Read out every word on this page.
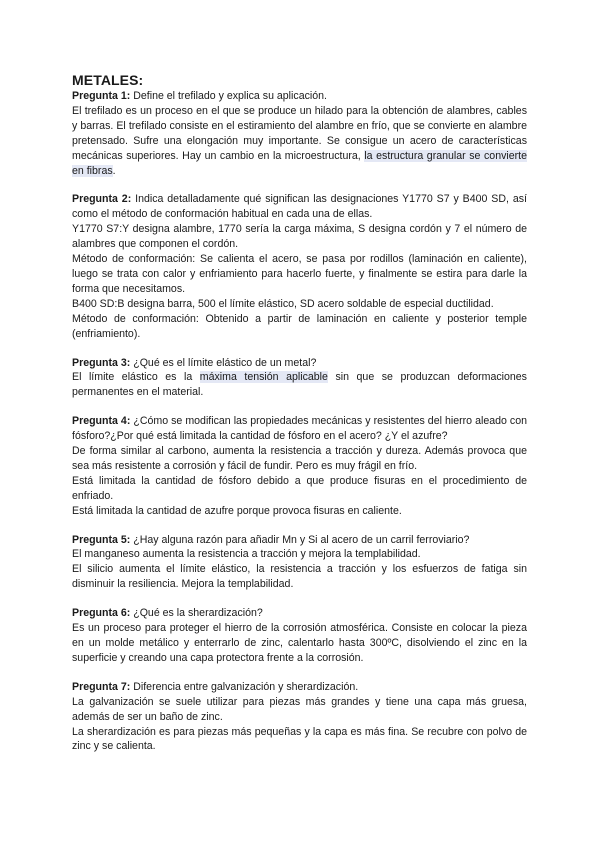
METALES:

Pregunta 1: Define el trefilado y explica su aplicación.

El trefilado es un proceso en el que se produce un hilado para la obtención de alambres, cables y barras. El trefilado consiste en el estiramiento del alambre en frío, que se convierte en alambre pretensado. Sufre una elongación muy importante. Se consigue un acero de características mecánicas superiores. Hay un cambio en la microestructura, la estructura granular se convierte en fibras.

Pregunta 2: Indica detalladamente qué significan las designaciones Y1770 S7 y B400 SD, así como el método de conformación habitual en cada una de ellas.

Y1770 S7:Y designa alambre, 1770 sería la carga máxima, S designa cordón y 7 el número de alambres que componen el cordón.

Método de conformación: Se calienta el acero, se pasa por rodillos (laminación en caliente), luego se trata con calor y enfriamiento para hacerlo fuerte, y finalmente se estira para darle la forma que necesitamos.

B400 SD:B designa barra, 500 el límite elástico, SD acero soldable de especial ductilidad.

Método de conformación: Obtenido a partir de laminación en caliente y posterior temple (enfriamiento).

Pregunta 3: ¿Qué es el límite elástico de un metal?

El límite elástico es la máxima tensión aplicable sin que se produzcan deformaciones permanentes en el material.

Pregunta 4: ¿Cómo se modifican las propiedades mecánicas y resistentes del hierro aleado con fósforo?¿Por qué está limitada la cantidad de fósforo en el acero? ¿Y el azufre?

De forma similar al carbono, aumenta la resistencia a tracción y dureza. Además provoca que sea más resistente a corrosión y fácil de fundir. Pero es muy frágil en frío.

Está limitada la cantidad de fósforo debido a que produce fisuras en el procedimiento de enfriado.

Está limitada la cantidad de azufre porque provoca fisuras en caliente.

Pregunta 5: ¿Hay alguna razón para añadir Mn y Si al acero de un carril ferroviario?

El manganeso aumenta la resistencia a tracción y mejora la templabilidad.

El silicio aumenta el límite elástico, la resistencia a tracción y los esfuerzos de fatiga sin disminuir la resiliencia. Mejora la templabilidad.

Pregunta 6: ¿Qué es la sherardización?

Es un proceso para proteger el hierro de la corrosión atmosférica. Consiste en colocar la pieza en un molde metálico y enterrarlo de zinc, calentarlo hasta 300ºC, disolviendo el zinc en la superficie y creando una capa protectora frente a la corrosión.

Pregunta 7: Diferencia entre galvanización y sherardización.

La galvanización se suele utilizar para piezas más grandes y tiene una capa más gruesa, además de ser un baño de zinc.

La sherardización es para piezas más pequeñas y la capa es más fina. Se recubre con polvo de zinc y se calienta.
